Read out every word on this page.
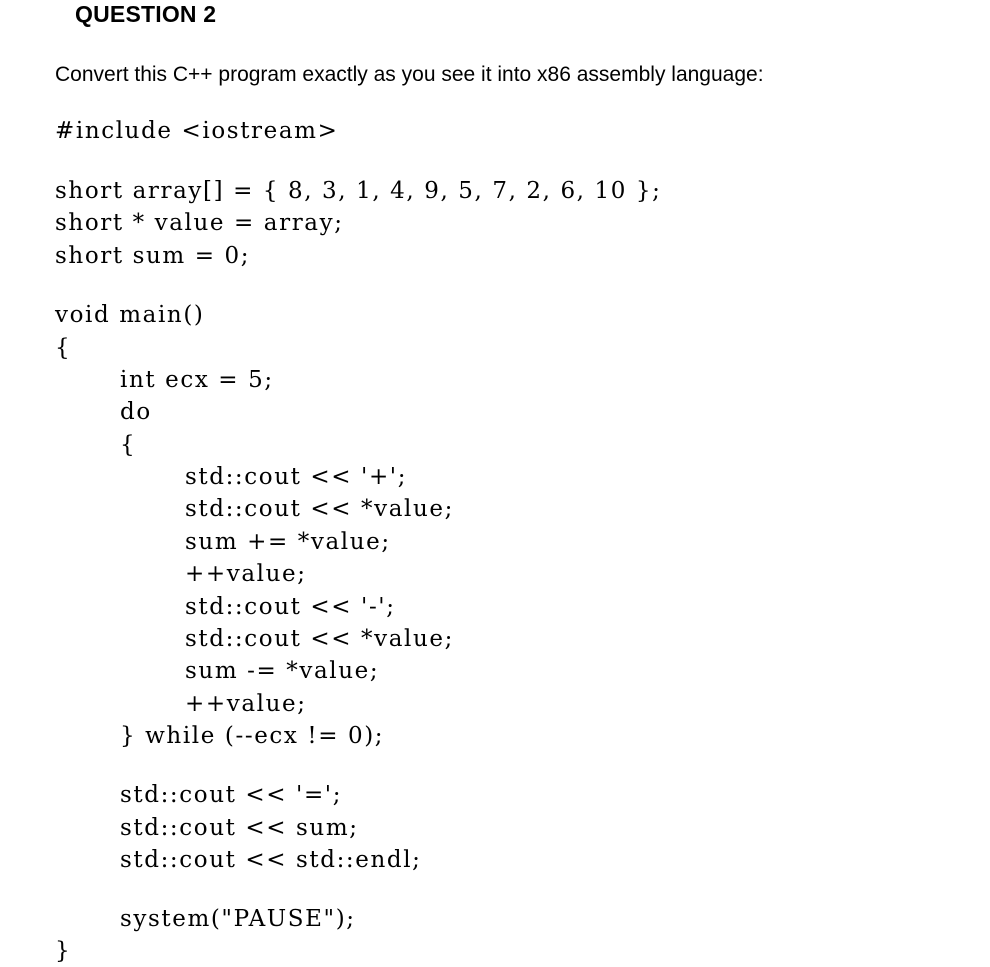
QUESTION 2
Convert this C++ program exactly as you see it into x86 assembly language:

#include <iostream>

short array[] = { 8, 3, 1, 4, 9, 5, 7, 2, 6, 10 };

short * value = array;

short sum = 0;

void main()

{

int ecx = 5;

do

{

std::cout << '+';

std::cout << *value;

sum += *value;

++value;

std::cout << '-';

std::cout << *value;

sum -= *value;

++value;

} while (--ecx != 0);

std::cout << '=';

std::cout << sum;

std::cout << std::endl;

system("PAUSE");

}
